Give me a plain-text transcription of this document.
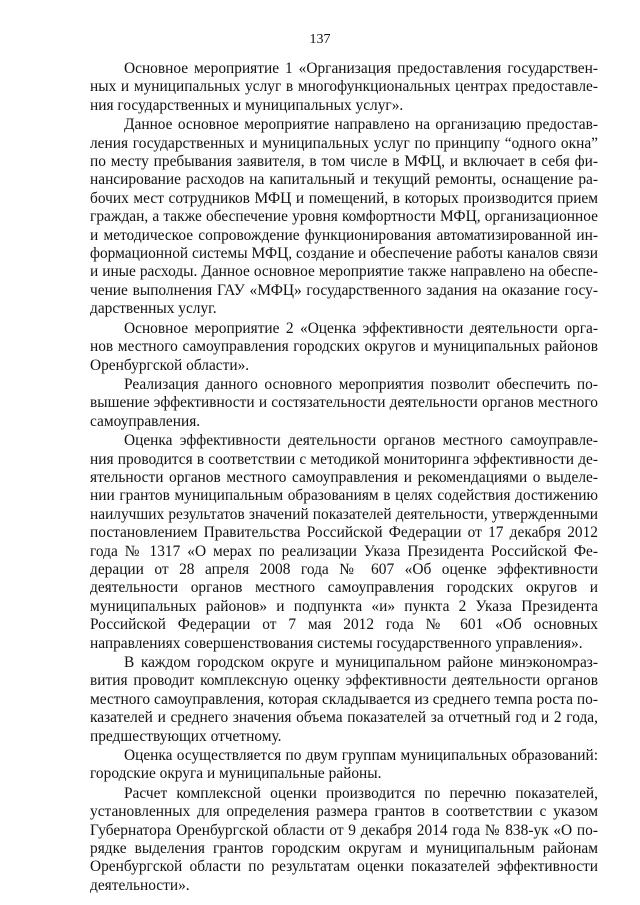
137

Основное мероприятие 1 «Организация предоставления государственных и муниципальных услуг в многофункциональных центрах предоставления государственных и муниципальных услуг».

Данное основное мероприятие направлено на организацию предоставления государственных и муниципальных услуг по принципу “одного окна” по месту пребывания заявителя, в том числе в МФЦ, и включает в себя финансирование расходов на капитальный и текущий ремонты, оснащение рабочих мест сотрудников МФЦ и помещений, в которых производится прием граждан, а также обеспечение уровня комфортности МФЦ, организационное и методическое сопровождение функционирования автоматизированной информационной системы МФЦ, создание и обеспечение работы каналов связи и иные расходы. Данное основное мероприятие также направлено на обеспечение выполнения ГАУ «МФЦ» государственного задания на оказание государственных услуг.

Основное мероприятие 2 «Оценка эффективности деятельности органов местного самоуправления городских округов и муниципальных районов Оренбургской области».

Реализация данного основного мероприятия позволит обеспечить повышение эффективности и состязательности деятельности органов местного самоуправления.

Оценка эффективности деятельности органов местного самоуправления проводится в соответствии с методикой мониторинга эффективности деятельности органов местного самоуправления и рекомендациями о выделении грантов муниципальным образованиям в целях содействия достижению наилучших результатов значений показателей деятельности, утвержденными постановлением Правительства Российской Федерации от 17 декабря 2012 года № 1317 «О мерах по реализации Указа Президента Российской Федерации от 28 апреля 2008 года № 607 «Об оценке эффективности деятельности органов местного самоуправления городских округов и муниципальных районов» и подпункта «и» пункта 2 Указа Президента Российской Федерации от 7 мая 2012 года № 601 «Об основных направлениях совершенствования системы государственного управления».

В каждом городском округе и муниципальном районе минэкономразвития проводит комплексную оценку эффективности деятельности органов местного самоуправления, которая складывается из среднего темпа роста показателей и среднего значения объема показателей за отчетный год и 2 года, предшествующих отчетному.

Оценка осуществляется по двум группам муниципальных образований: городские округа и муниципальные районы.

Расчет комплексной оценки производится по перечню показателей, установленных для определения размера грантов в соответствии с указом Губернатора Оренбургской области от 9 декабря 2014 года № 838-ук «О порядке выделения грантов городским округам и муниципальным районам Оренбургской области по результатам оценки показателей эффективности деятельности».
